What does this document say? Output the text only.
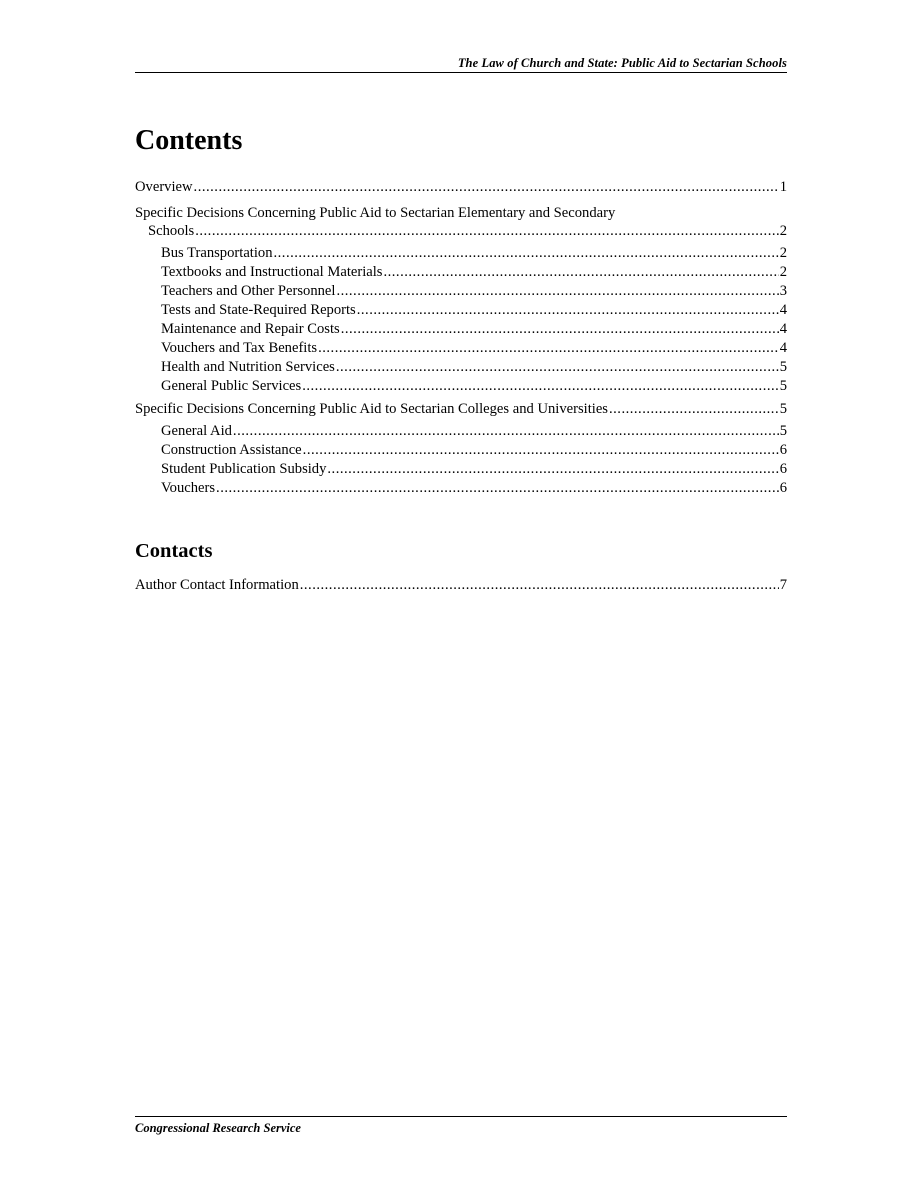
The Law of Church and State: Public Aid to Sectarian Schools
Contents
Overview .....	1
Specific Decisions Concerning Public Aid to Sectarian Elementary and Secondary
Schools .....	2
Bus Transportation .....	2
Textbooks and Instructional Materials .....	2
Teachers and Other Personnel .....	3
Tests and State-Required Reports .....	4
Maintenance and Repair Costs .....	4
Vouchers and Tax Benefits .....	4
Health and Nutrition Services .....	5
General Public Services .....	5
Specific Decisions Concerning Public Aid to Sectarian Colleges and Universities .....	5
General Aid .....	5
Construction Assistance .....	6
Student Publication Subsidy .....	6
Vouchers .....	6
Contacts
Author Contact Information .....	7
Congressional Research Service
